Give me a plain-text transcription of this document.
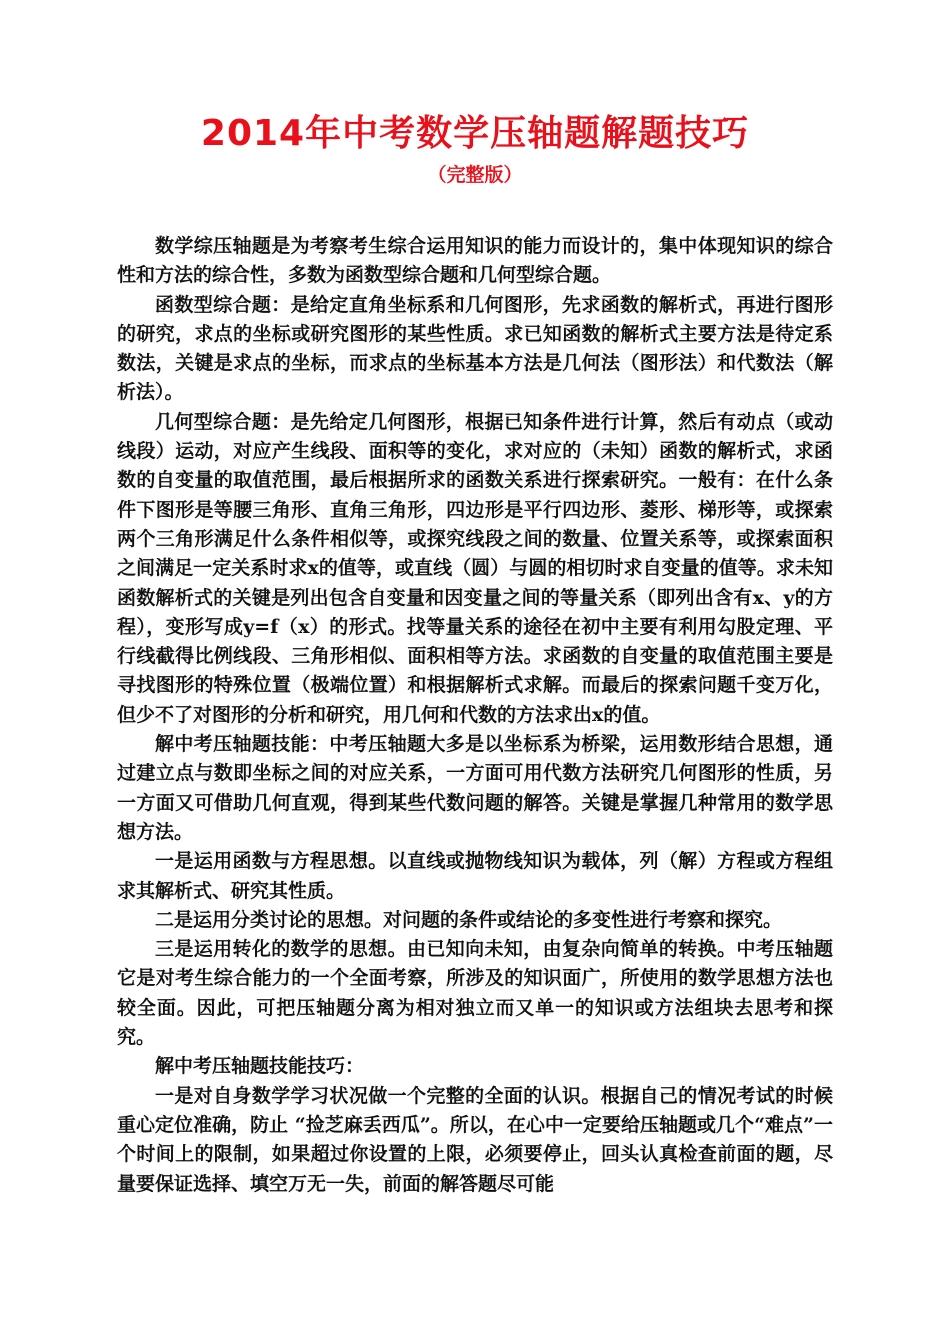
2014年中考数学压轴题解题技巧
（完整版）

数学综压轴题是为考察考生综合运用知识的能力而设计的，集中体现知识的综合性和方法的综合性，多数为函数型综合题和几何型综合题。

函数型综合题：是给定直角坐标系和几何图形，先求函数的解析式，再进行图形的研究，求点的坐标或研究图形的某些性质。求已知函数的解析式主要方法是待定系数法，关键是求点的坐标，而求点的坐标基本方法是几何法（图形法）和代数法（解析法）。

几何型综合题：是先给定几何图形，根据已知条件进行计算，然后有动点（或动线段）运动，对应产生线段、面积等的变化，求对应的（未知）函数的解析式，求函数的自变量的取值范围，最后根据所求的函数关系进行探索研究。一般有：在什么条件下图形是等腰三角形、直角三角形，四边形是平行四边形、菱形、梯形等，或探索两个三角形满足什么条件相似等，或探究线段之间的数量、位置关系等，或探索面积之间满足一定关系时求x的值等，或直线（圆）与圆的相切时求自变量的值等。求未知函数解析式的关键是列出包含自变量和因变量之间的等量关系（即列出含有x、y的方程），变形写成y=f（x）的形式。找等量关系的途径在初中主要有利用勾股定理、平行线截得比例线段、三角形相似、面积相等方法。求函数的自变量的取值范围主要是寻找图形的特殊位置（极端位置）和根据解析式求解。而最后的探索问题千变万化，但少不了对图形的分析和研究，用几何和代数的方法求出x的值。

解中考压轴题技能：中考压轴题大多是以坐标系为桥梁，运用数形结合思想，通过建立点与数即坐标之间的对应关系，一方面可用代数方法研究几何图形的性质，另一方面又可借助几何直观，得到某些代数问题的解答。关键是掌握几种常用的数学思想方法。

一是运用函数与方程思想。以直线或抛物线知识为载体，列（解）方程或方程组求其解析式、研究其性质。

二是运用分类讨论的思想。对问题的条件或结论的多变性进行考察和探究。

三是运用转化的数学的思想。由已知向未知，由复杂向简单的转换。中考压轴题它是对考生综合能力的一个全面考察，所涉及的知识面广，所使用的数学思想方法也较全面。因此，可把压轴题分离为相对独立而又单一的知识或方法组块去思考和探究。

解中考压轴题技能技巧：

一是对自身数学学习状况做一个完整的全面的认识。根据自己的情况考试的时候重心定位准确，防止 “捡芝麻丢西瓜”。所以，在心中一定要给压轴题或几个“难点”一个时间上的限制，如果超过你设置的上限，必须要停止，回头认真检查前面的题，尽量要保证选择、填空万无一失，前面的解答题尽可能
